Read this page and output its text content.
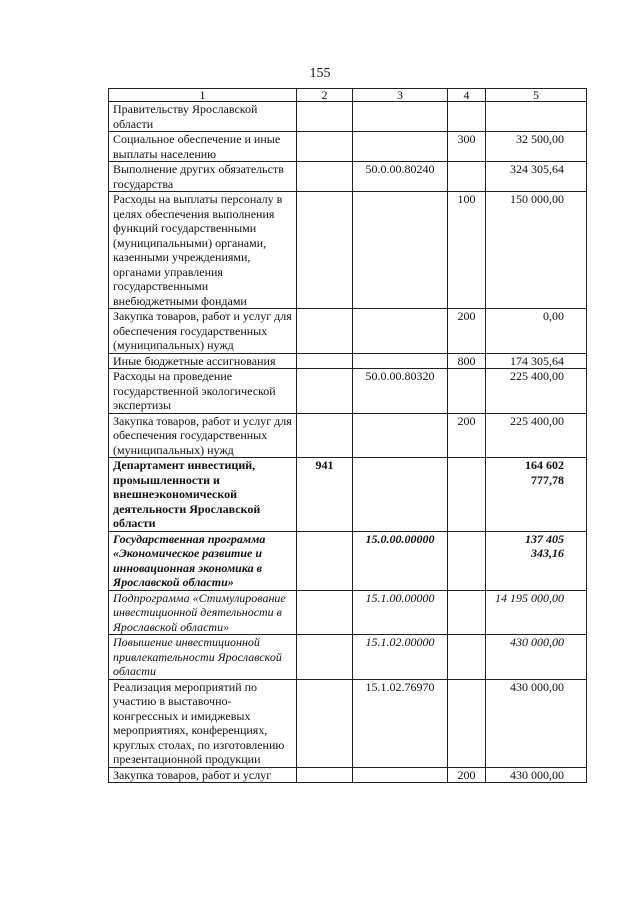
155
1	2	3	4	5
Правительству Ярославской области				
Социальное обеспечение и иные выплаты населению			300	32 500,00
Выполнение других обязательств государства		50.0.00.80240		324 305,64
Расходы на выплаты персоналу в целях обеспечения выполнения функций государственными (муниципальными) органами, казенными учреждениями, органами управления государственными внебюджетными фондами			100	150 000,00
Закупка товаров, работ и услуг для обеспечения государственных (муниципальных) нужд			200	0,00
Иные бюджетные ассигнования			800	174 305,64
Расходы на проведение государственной экологической экспертизы		50.0.00.80320		225 400,00
Закупка товаров, работ и услуг для обеспечения государственных (муниципальных) нужд			200	225 400,00
Департамент инвестиций, промышленности и внешнеэкономической деятельности Ярославской области	941			164 602 777,78
Государственная программа «Экономическое развитие и инновационная экономика в Ярославской области»		15.0.00.00000		137 405 343,16
Подпрограмма «Стимулирование инвестиционной деятельности в Ярославской области»		15.1.00.00000		14 195 000,00
Повышение инвестиционной привлекательности Ярославской области		15.1.02.00000		430 000,00
Реализация мероприятий по участию в выставочно-конгрессных и имиджевых мероприятиях, конференциях, круглых столах, по изготовлению презентационной продукции		15.1.02.76970		430 000,00
Закупка товаров, работ и услуг			200	430 000,00
